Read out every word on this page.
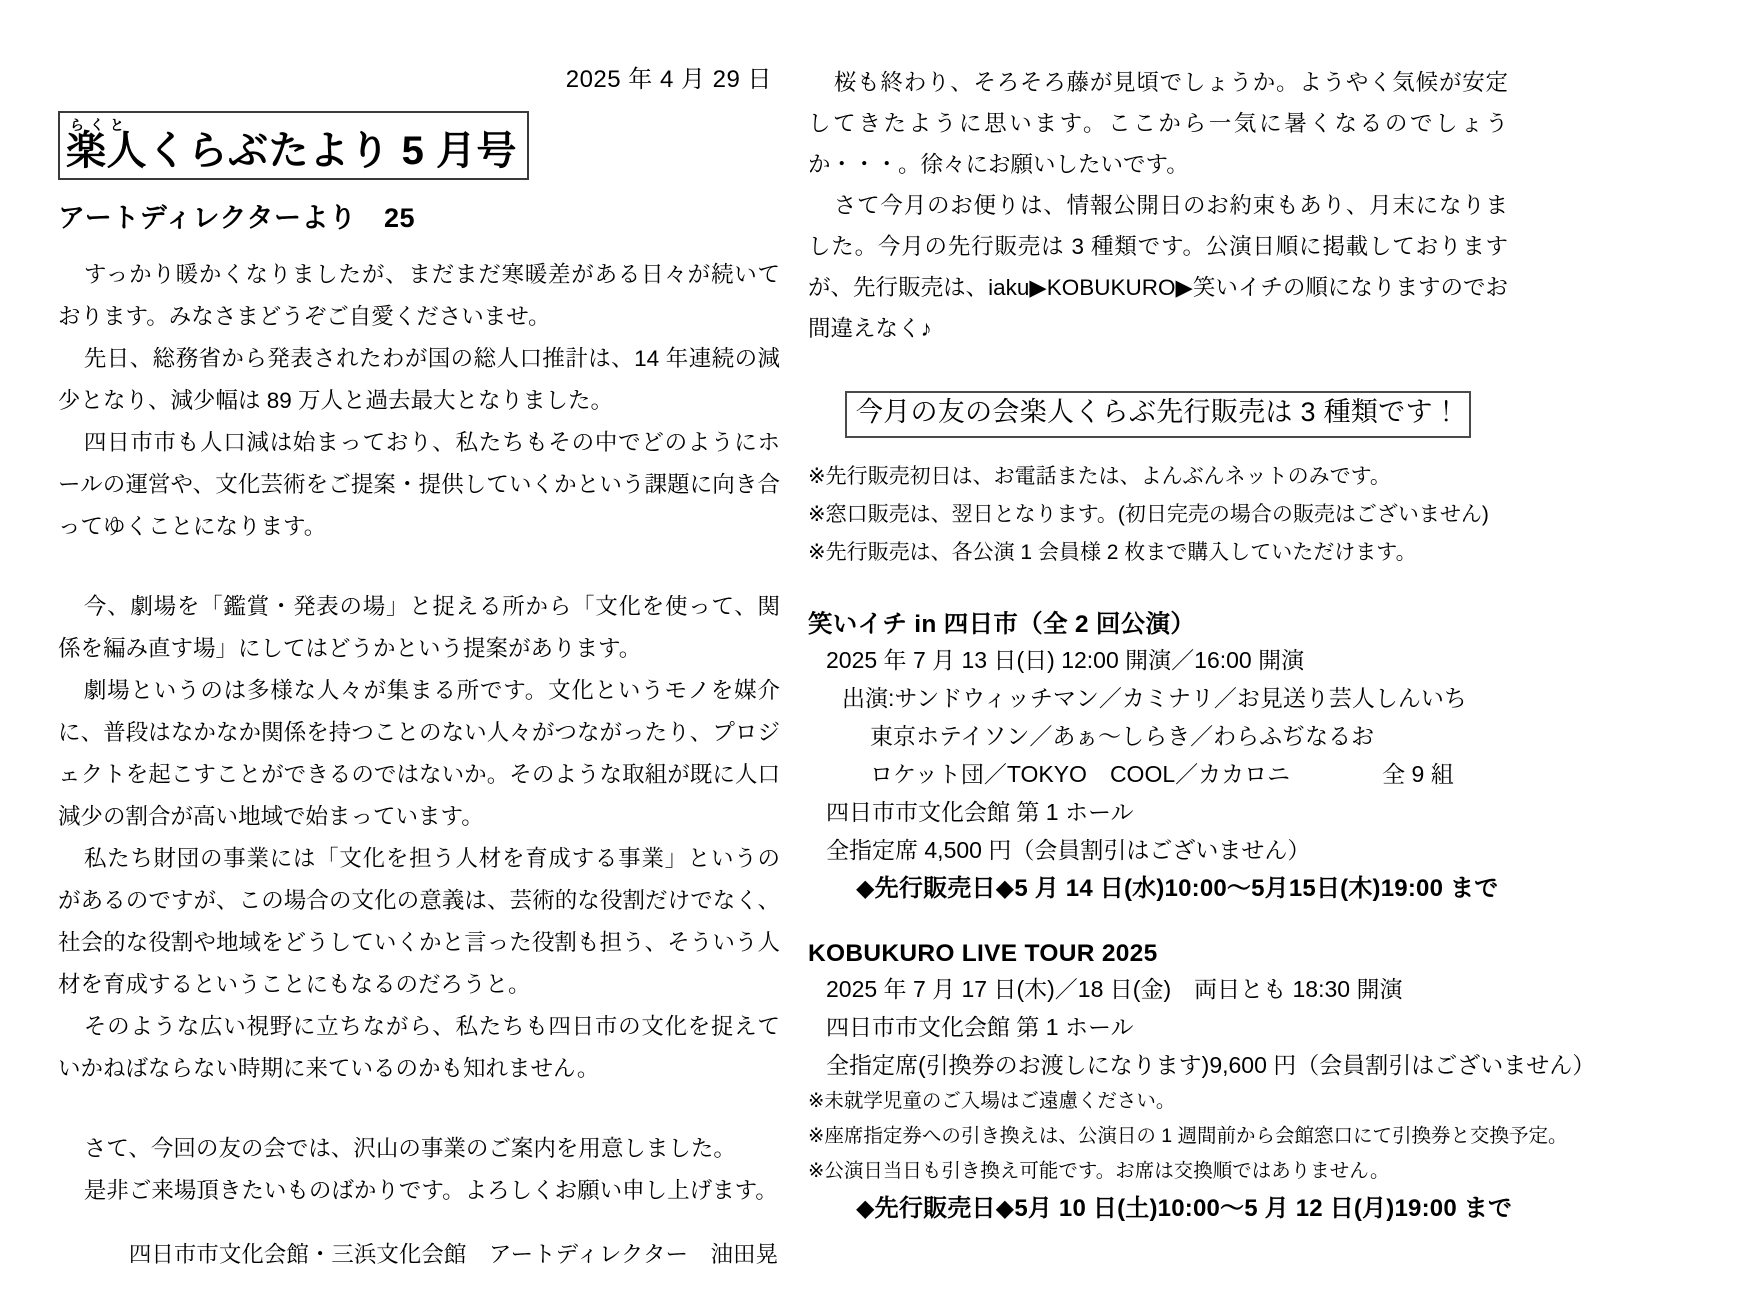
2025 年 4 月 29 日
らくと
楽人くらぶたより 5 月号
アートディレクターより　25

すっかり暖かくなりましたが、まだまだ寒暖差がある日々が続いております。みなさまどうぞご自愛くださいませ。

先日、総務省から発表されたわが国の総人口推計は、14 年連続の減少となり、減少幅は 89 万人と過去最大となりました。

四日市市も人口減は始まっており、私たちもその中でどのようにホールの運営や、文化芸術をご提案・提供していくかという課題に向き合ってゆくことになります。

今、劇場を「鑑賞・発表の場」と捉える所から「文化を使って、関係を編み直す場」にしてはどうかという提案があります。

劇場というのは多様な人々が集まる所です。文化というモノを媒介に、普段はなかなか関係を持つことのない人々がつながったり、プロジェクトを起こすことができるのではないか。そのような取組が既に人口減少の割合が高い地域で始まっています。

私たち財団の事業には「文化を担う人材を育成する事業」というのがあるのですが、この場合の文化の意義は、芸術的な役割だけでなく、社会的な役割や地域をどうしていくかと言った役割も担う、そういう人材を育成するということにもなるのだろうと。

そのような広い視野に立ちながら、私たちも四日市の文化を捉えていかねばならない時期に来ているのかも知れません。

さて、今回の友の会では、沢山の事業のご案内を用意しました。

是非ご来場頂きたいものばかりです。よろしくお願い申し上げます。

四日市市文化会館・三浜文化会館　アートディレクター　油田晃

桜も終わり、そろそろ藤が見頃でしょうか。ようやく気候が安定してきたように思います。ここから一気に暑くなるのでしょうか・・・。徐々にお願いしたいです。

さて今月のお便りは、情報公開日のお約束もあり、月末になりました。今月の先行販売は 3 種類です。公演日順に掲載しておりますが、先行販売は、iaku▶KOBUKURO▶笑いイチの順になりますのでお間違えなく♪

今月の友の会楽人くらぶ先行販売は 3 種類です！

※先行販売初日は、お電話または、よんぶんネットのみです。

※窓口販売は、翌日となります。(初日完売の場合の販売はございません)

※先行販売は、各公演 1 会員様 2 枚まで購入していただけます。

笑いイチ in 四日市（全 2 回公演）

2025 年 7 月 13 日(日) 12:00 開演／16:00 開演

出演:サンドウィッチマン／カミナリ／お見送り芸人しんいち

東京ホテイソン／あぁ～しらき／わらふぢなるお

ロケット団／TOKYO　COOL／カカロニ　　　　全 9 組

四日市市文化会館 第 1 ホール

全指定席 4,500 円（会員割引はございません）

◆先行販売日◆5 月 14 日(水)10:00～5月15日(木)19:00 まで

KOBUKURO LIVE TOUR 2025

2025 年 7 月 17 日(木)／18 日(金)　両日とも 18:30 開演

四日市市文化会館 第 1 ホール

全指定席(引換券のお渡しになります)9,600 円（会員割引はございません）

※未就学児童のご入場はご遠慮ください。

※座席指定券への引き換えは、公演日の 1 週間前から会館窓口にて引換券と交換予定。

※公演日当日も引き換え可能です。お席は交換順ではありません。

◆先行販売日◆5月 10 日(土)10:00～5 月 12 日(月)19:00 まで
